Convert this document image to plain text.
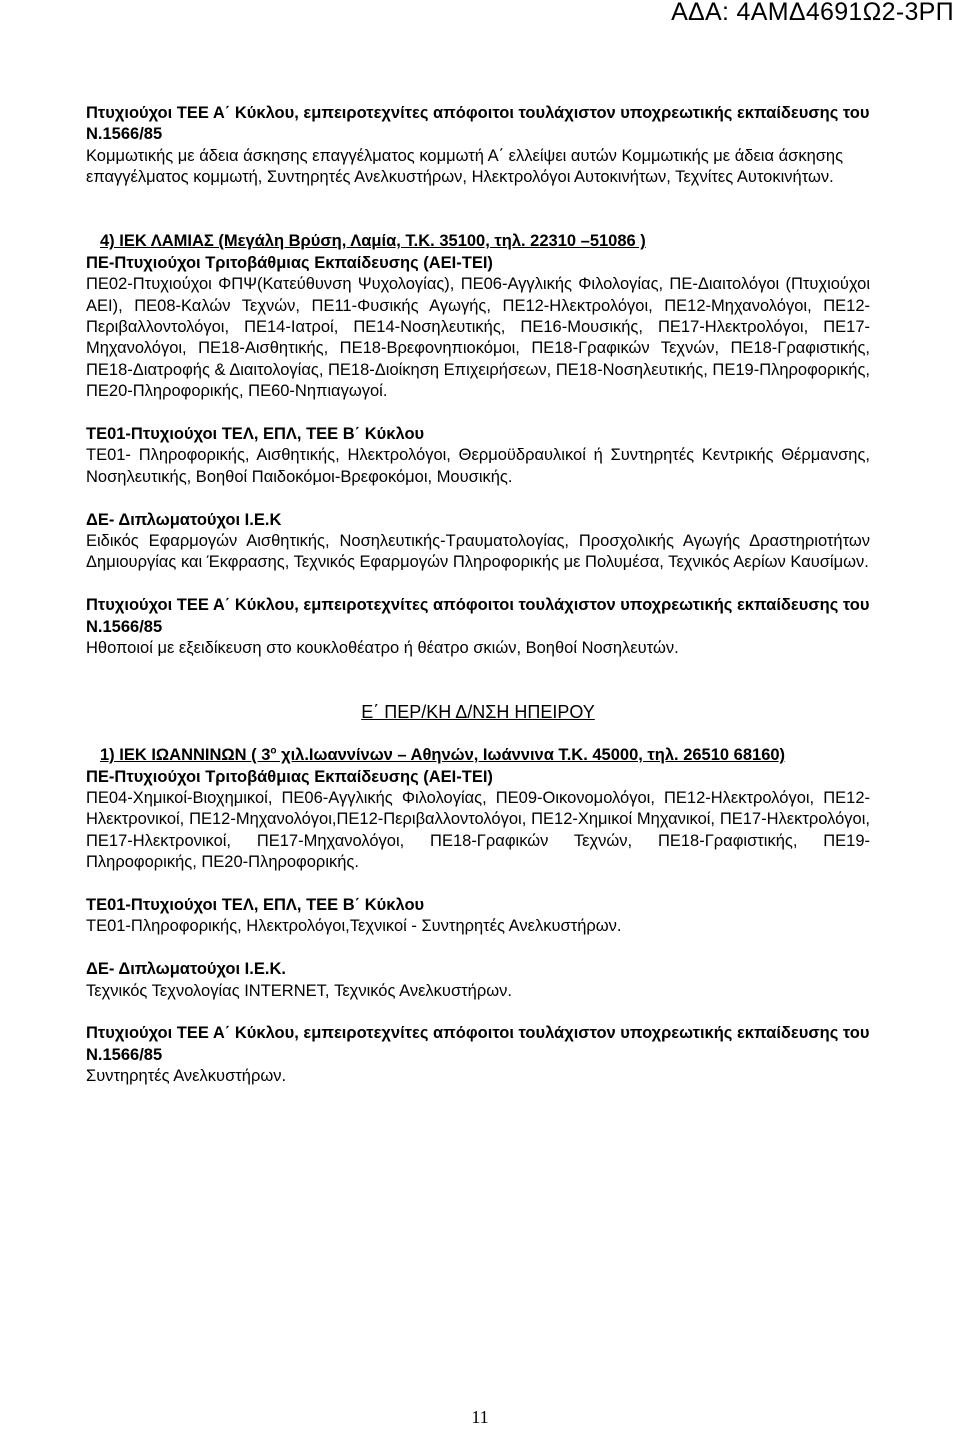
ΑΔΑ: 4ΑΜΔ4691Ω2-3ΡΠ

Πτυχιούχοι ΤΕΕ Α΄ Κύκλου, εμπειροτεχνίτες απόφοιτοι τουλάχιστον υποχρεωτικής εκπαίδευσης του Ν.1566/85

Κομμωτικής με άδεια άσκησης επαγγέλματος κομμωτή Α΄ ελλείψει αυτών Κομμωτικής με άδεια άσκησης επαγγέλματος κομμωτή, Συντηρητές Ανελκυστήρων, Ηλεκτρολόγοι Αυτοκινήτων, Τεχνίτες Αυτοκινήτων.

4) ΙΕΚ ΛΑΜΙΑΣ (Μεγάλη Βρύση, Λαμία, Τ.Κ. 35100, τηλ. 22310 –51086 )

ΠΕ-Πτυχιούχοι Τριτοβάθμιας Εκπαίδευσης (ΑΕΙ-ΤΕΙ)

ΠΕ02-Πτυχιούχοι ΦΠΨ(Κατεύθυνση Ψυχολογίας), ΠΕ06-Αγγλικής Φιλολογίας, ΠΕ-Διαιτολόγοι (Πτυχιούχοι ΑΕΙ), ΠΕ08-Καλών Τεχνών, ΠΕ11-Φυσικής Αγωγής, ΠΕ12-Ηλεκτρολόγοι, ΠΕ12-Μηχανολόγοι, ΠΕ12-Περιβαλλοντολόγοι, ΠΕ14-Ιατροί, ΠΕ14-Νοσηλευτικής, ΠΕ16-Μουσικής, ΠΕ17-Ηλεκτρολόγοι, ΠΕ17-Μηχανολόγοι, ΠΕ18-Αισθητικής, ΠΕ18-Βρεφονηπιοκόμοι, ΠΕ18-Γραφικών Τεχνών, ΠΕ18-Γραφιστικής, ΠΕ18-Διατροφής & Διαιτολογίας, ΠΕ18-Διοίκηση Επιχειρήσεων, ΠΕ18-Νοσηλευτικής, ΠΕ19-Πληροφορικής, ΠΕ20-Πληροφορικής, ΠΕ60-Νηπιαγωγοί.

ΤΕ01-Πτυχιούχοι ΤΕΛ, ΕΠΛ, ΤΕΕ Β΄ Κύκλου

ΤΕ01- Πληροφορικής, Αισθητικής, Ηλεκτρολόγοι, Θερμοϋδραυλικοί ή Συντηρητές Κεντρικής Θέρμανσης, Νοσηλευτικής, Βοηθοί Παιδοκόμοι-Βρεφοκόμοι, Μουσικής.

ΔΕ- Διπλωματούχοι Ι.Ε.Κ

Ειδικός Εφαρμογών Αισθητικής, Νοσηλευτικής-Τραυματολογίας, Προσχολικής Αγωγής Δραστηριοτήτων Δημιουργίας και Έκφρασης, Τεχνικός Εφαρμογών Πληροφορικής με Πολυμέσα, Τεχνικός Αερίων Καυσίμων.

Πτυχιούχοι ΤΕΕ Α΄ Κύκλου, εμπειροτεχνίτες απόφοιτοι τουλάχιστον υποχρεωτικής εκπαίδευσης του Ν.1566/85

Ηθοποιοί με εξειδίκευση στο κουκλοθέατρο ή θέατρο σκιών, Βοηθοί Νοσηλευτών.

Ε΄ ΠΕΡ/ΚΗ Δ/ΝΣΗ ΗΠΕΙΡΟΥ

1) ΙΕΚ ΙΩΑΝΝΙΝΩΝ ( $3^o$ χιλ.Ιωαννίνων – Αθηνών, Ιωάννινα Τ.Κ. 45000, τηλ. 26510 68160)

ΠΕ-Πτυχιούχοι Τριτοβάθμιας Εκπαίδευσης (ΑΕΙ-ΤΕΙ)

ΠΕ04-Χημικοί-Βιοχημικοί, ΠΕ06-Αγγλικής Φιλολογίας, ΠΕ09-Οικονομολόγοι, ΠΕ12-Ηλεκτρολόγοι, ΠΕ12-Ηλεκτρονικοί, ΠΕ12-Μηχανολόγοι,ΠΕ12-Περιβαλλοντολόγοι, ΠΕ12-Χημικοί Μηχανικοί, ΠΕ17-Ηλεκτρολόγοι, ΠΕ17-Ηλεκτρονικοί, ΠΕ17-Μηχανολόγοι, ΠΕ18-Γραφικών Τεχνών, ΠΕ18-Γραφιστικής, ΠΕ19-Πληροφορικής, ΠΕ20-Πληροφορικής.

ΤΕ01-Πτυχιούχοι ΤΕΛ, ΕΠΛ, ΤΕΕ Β΄ Κύκλου

ΤΕ01-Πληροφορικής, Ηλεκτρολόγοι,Τεχνικοί - Συντηρητές Ανελκυστήρων.

ΔΕ- Διπλωματούχοι Ι.Ε.Κ.

Τεχνικός Τεχνολογίας INTERNET, Τεχνικός Ανελκυστήρων.

Πτυχιούχοι ΤΕΕ Α΄ Κύκλου, εμπειροτεχνίτες απόφοιτοι τουλάχιστον υποχρεωτικής εκπαίδευσης του Ν.1566/85

Συντηρητές Ανελκυστήρων.

11
